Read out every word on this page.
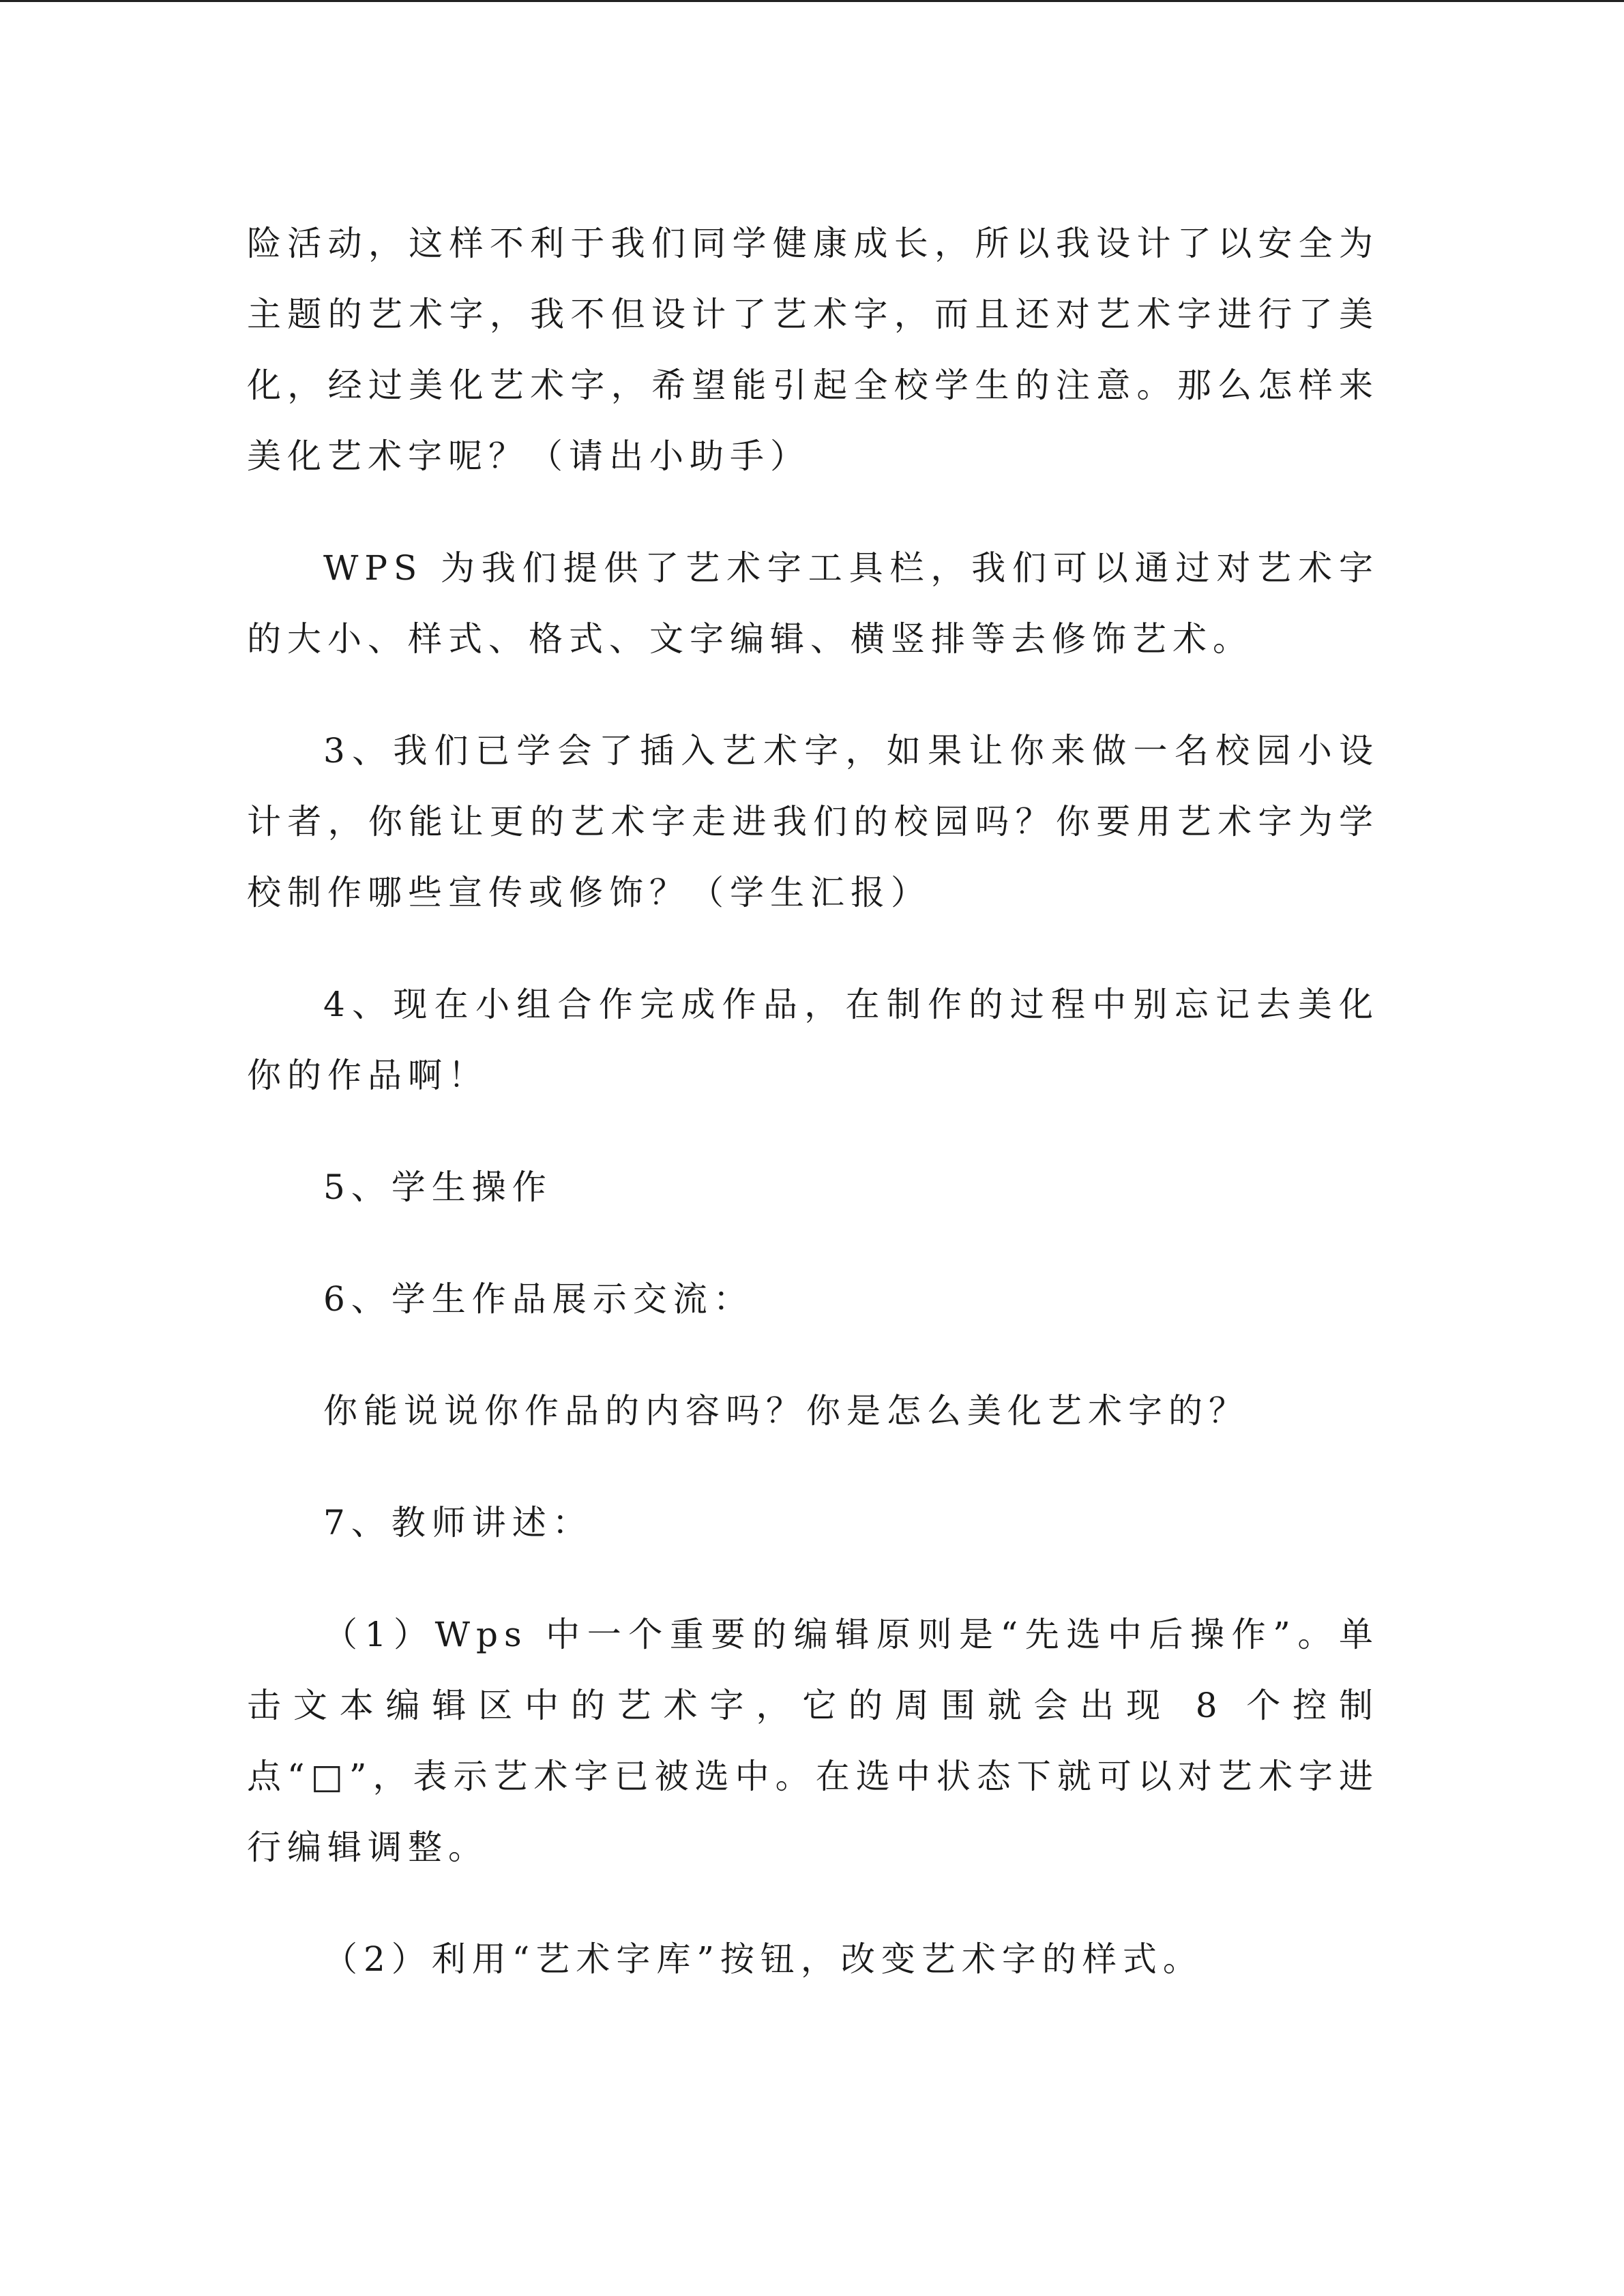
险活动，这样不利于我们同学健康成长，所以我设计了以安全为主题的艺术字，我不但设计了艺术字，而且还对艺术字进行了美化，经过美化艺术字，希望能引起全校学生的注意。那么怎样来美化艺术字呢？（请出小助手）

WPS 为我们提供了艺术字工具栏，我们可以通过对艺术字的大小、样式、格式、文字编辑、横竖排等去修饰艺术。

3、我们已学会了插入艺术字，如果让你来做一名校园小设计者，你能让更的艺术字走进我们的校园吗？你要用艺术字为学校制作哪些宣传或修饰？（学生汇报）

4、现在小组合作完成作品，在制作的过程中别忘记去美化你的作品啊！

5、学生操作

6、学生作品展示交流：

你能说说你作品的内容吗？你是怎么美化艺术字的？

7、教师讲述：

（1）Wps 中一个重要的编辑原则是“先选中后操作”。单击文本编辑区中的艺术字，它的周围就会出现 8 个控制点“□”，表示艺术字已被选中。在选中状态下就可以对艺术字进行编辑调整。

（2）利用“艺术字库”按钮，改变艺术字的样式。
